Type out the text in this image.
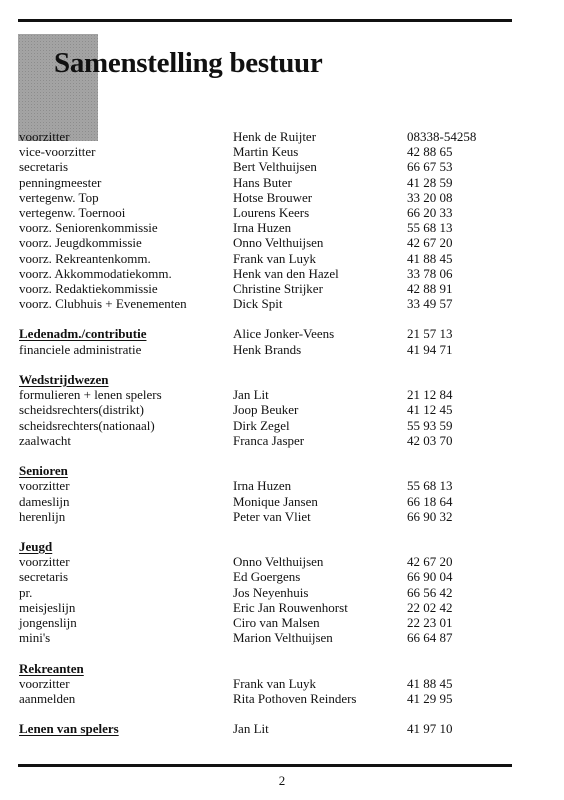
Samenstelling bestuur
voorzitter	Henk de Ruijter	08338-54258
vice-voorzitter	Martin Keus	42 88 65
secretaris	Bert Velthuijsen	66 67 53
penningmeester	Hans Buter	41 28 59
vertegenw. Top	Hotse Brouwer	33 20 08
vertegenw. Toernooi	Lourens Keers	66 20 33
voorz. Seniorenkommissie	Irna Huzen	55 68 13
voorz. Jeugdkommissie	Onno Velthuijsen	42 67 20
voorz. Rekreantenkomm.	Frank van Luyk	41 88 45
voorz. Akkommodatiekomm.	Henk van den Hazel	33 78 06
voorz. Redaktiekommissie	Christine Strijker	42 88 91
voorz. Clubhuis + Evenementen	Dick Spit	33 49 57
Ledenadm./contributie	Alice Jonker-Veens	21 57 13
financiele administratie	Henk Brands	41 94 71
Wedstrijdwezen
formulieren + lenen spelers	Jan Lit	21 12 84
scheidsrechters(distrikt)	Joop Beuker	41 12 45
scheidsrechters(nationaal)	Dirk Zegel	55 93 59
zaalwacht	Franca Jasper	42 03 70
Senioren
voorzitter	Irna Huzen	55 68 13
dameslijn	Monique Jansen	66 18 64
herenlijn	Peter van Vliet	66 90 32
Jeugd
voorzitter	Onno Velthuijsen	42 67 20
secretaris	Ed Goergens	66 90 04
pr.	Jos Neyenhuis	66 56 42
meisjeslijn	Eric Jan Rouwenhorst	22 02 42
jongenslijn	Ciro van Malsen	22 23 01
mini's	Marion Velthuijsen	66 64 87
Rekreanten
voorzitter	Frank van Luyk	41 88 45
aanmelden	Rita Pothoven Reinders	41 29 95
Lenen van spelers	Jan Lit	41 97 10
2
